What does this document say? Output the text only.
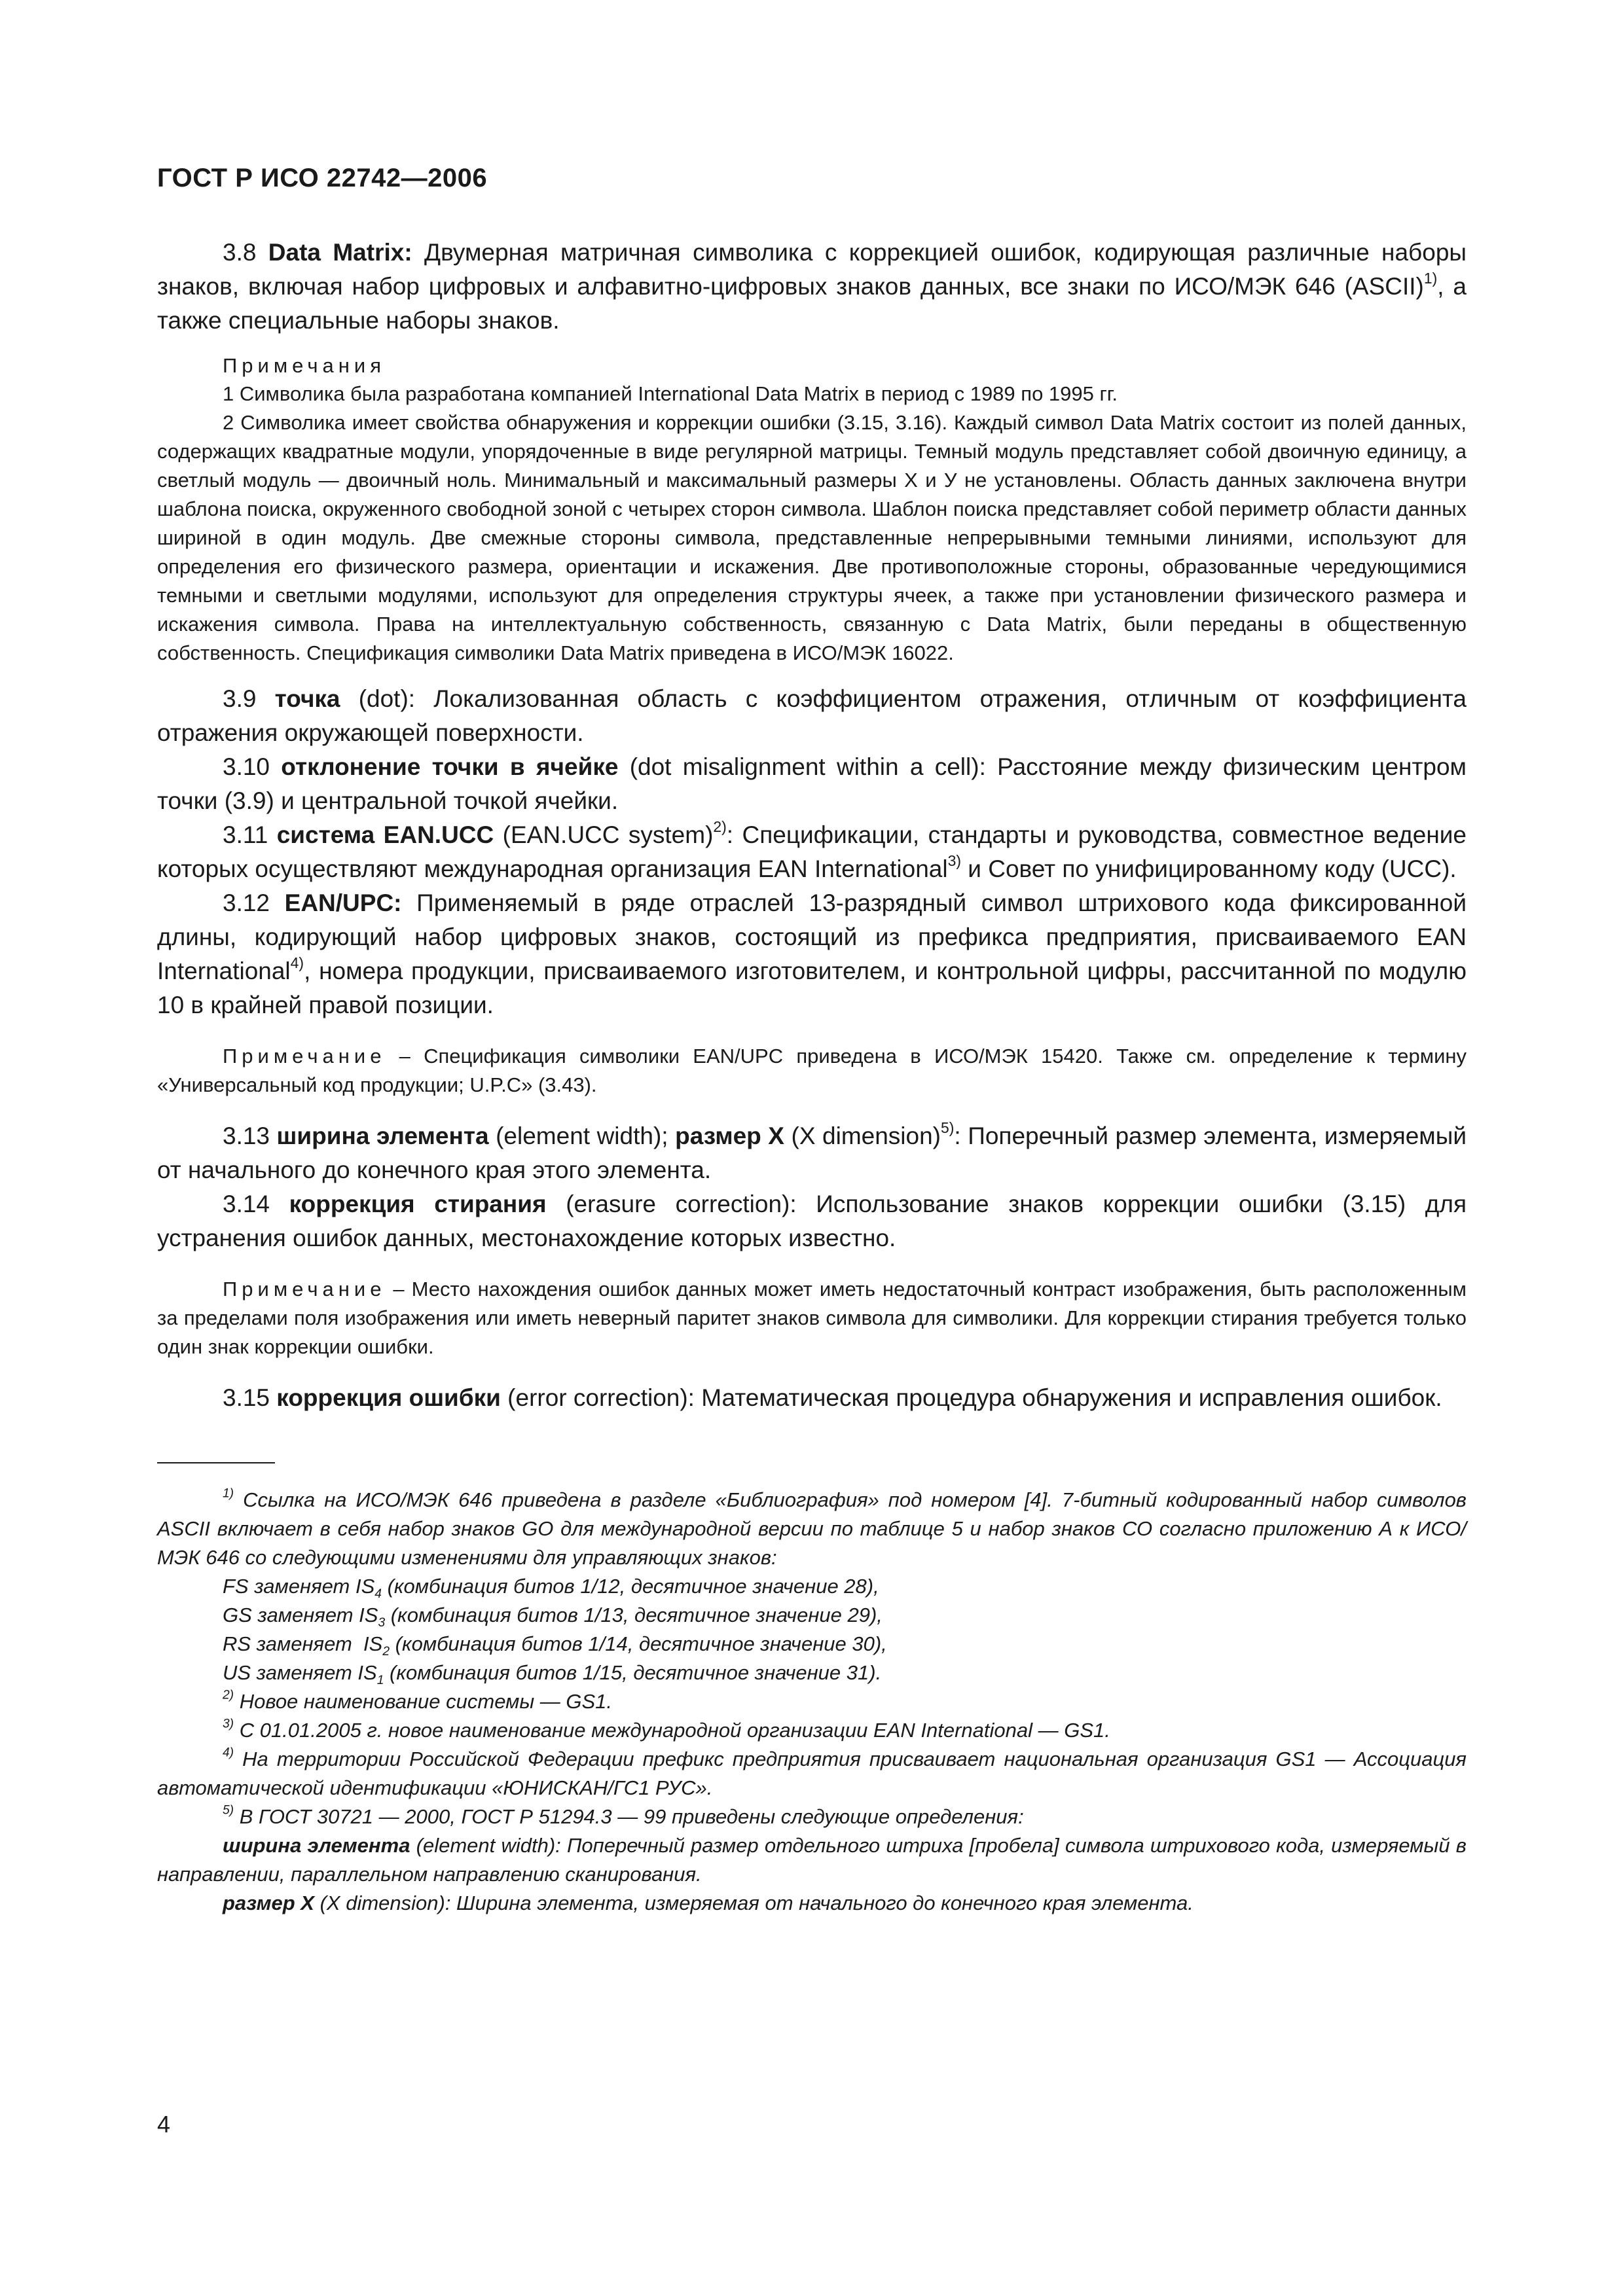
ГОСТ Р ИСО 22742—2006

3.8 Data Matrix: Двумерная матричная символика с коррекцией ошибок, кодирующая различные наборы знаков, включая набор цифровых и алфавитно-цифровых знаков данных, все знаки по ИСО/МЭК 646 (ASCII)$^{1)}$, а также специальные наборы знаков.

Примечания

1 Символика была разработана компанией International Data Matrix в период с 1989 по 1995 гг.

2 Символика имеет свойства обнаружения и коррекции ошибки (3.15, 3.16). Каждый символ Data Matrix состоит из полей данных, содержащих квадратные модули, упорядоченные в виде регулярной матрицы. Темный модуль представляет собой двоичную единицу, а светлый модуль — двоичный ноль. Минимальный и максимальный размеры Х и У не установлены. Область данных заключена внутри шаблона поиска, окруженного свободной зоной с четырех сторон символа. Шаблон поиска представляет собой периметр области данных шириной в один модуль. Две смежные стороны символа, представленные непрерывными темными линиями, используют для определения его физического размера, ориентации и искажения. Две противоположные стороны, образованные чередующимися темными и светлыми модулями, используют для определения структуры ячеек, а также при установлении физического размера и искажения символа. Права на интеллектуальную собственность, связанную с Data Matrix, были переданы в общественную собственность. Спецификация символики Data Matrix приведена в ИСО/МЭК 16022.

3.9 точка (dot): Локализованная область с коэффициентом отражения, отличным от коэффициента отражения окружающей поверхности.

3.10 отклонение точки в ячейке (dot misalignment within a cell): Расстояние между физическим центром точки (3.9) и центральной точкой ячейки.

3.11 система EAN.UCC (EAN.UCC system)$^{2)}$: Спецификации, стандарты и руководства, совместное ведение которых осуществляют международная организация EAN International$^{3)}$ и Совет по унифицированному коду (UCC).

3.12 EAN/UPC: Применяемый в ряде отраслей 13-разрядный символ штрихового кода фиксированной длины, кодирующий набор цифровых знаков, состоящий из префикса предприятия, присваиваемого EAN International$^{4)}$, номера продукции, присваиваемого изготовителем, и контрольной цифры, рассчитанной по модулю 10 в крайней правой позиции.

Примечание – Спецификация символики EAN/UPC приведена в ИСО/МЭК 15420. Также см. определение к термину «Универсальный код продукции; U.P.C» (3.43).

3.13 ширина элемента (element width); размер Х (X dimension)$^{5)}$: Поперечный размер элемента, измеряемый от начального до конечного края этого элемента.

3.14 коррекция стирания (erasure correction): Использование знаков коррекции ошибки (3.15) для устранения ошибок данных, местонахождение которых известно.

Примечание – Место нахождения ошибок данных может иметь недостаточный контраст изображения, быть расположенным за пределами поля изображения или иметь неверный паритет знаков символа для символики. Для коррекции стирания требуется только один знак коррекции ошибки.

3.15 коррекция ошибки (error correction): Математическая процедура обнаружения и исправления ошибок.

$^{1)}$ Ссылка на ИСО/МЭК 646 приведена в разделе «Библиография» под номером [4]. 7-битный кодированный набор символов ASCII включает в себя набор знаков GO для международной версии по таблице 5 и набор знаков СО согласно приложению А к ИСО/МЭК 646 со следующими изменениями для управляющих знаков:

FS заменяет $IS_4$ (комбинация битов 1/12, десятичное значение 28),

GS заменяет $IS_3$ (комбинация битов 1/13, десятичное значение 29),

RS заменяет  $IS_2$ (комбинация битов 1/14, десятичное значение 30),

US заменяет $IS_1$ (комбинация битов 1/15, десятичное значение 31).

$^{2)}$ Новое наименование системы — GS1.

$^{3)}$ С 01.01.2005 г. новое наименование международной организации EAN International — GS1.

$^{4)}$ На территории Российской Федерации префикс предприятия присваивает национальная организация GS1 — Ассоциация автоматической идентификации «ЮНИСКАН/ГС1 РУС».

$^{5)}$ В ГОСТ 30721 — 2000, ГОСТ Р 51294.3 — 99 приведены следующие определения:

ширина элемента (element width): Поперечный размер отдельного штриха [пробела] символа штрихового кода, измеряемый в направлении, параллельном направлению сканирования.

размер Х (X dimension): Ширина элемента, измеряемая от начального до конечного края элемента.

4
